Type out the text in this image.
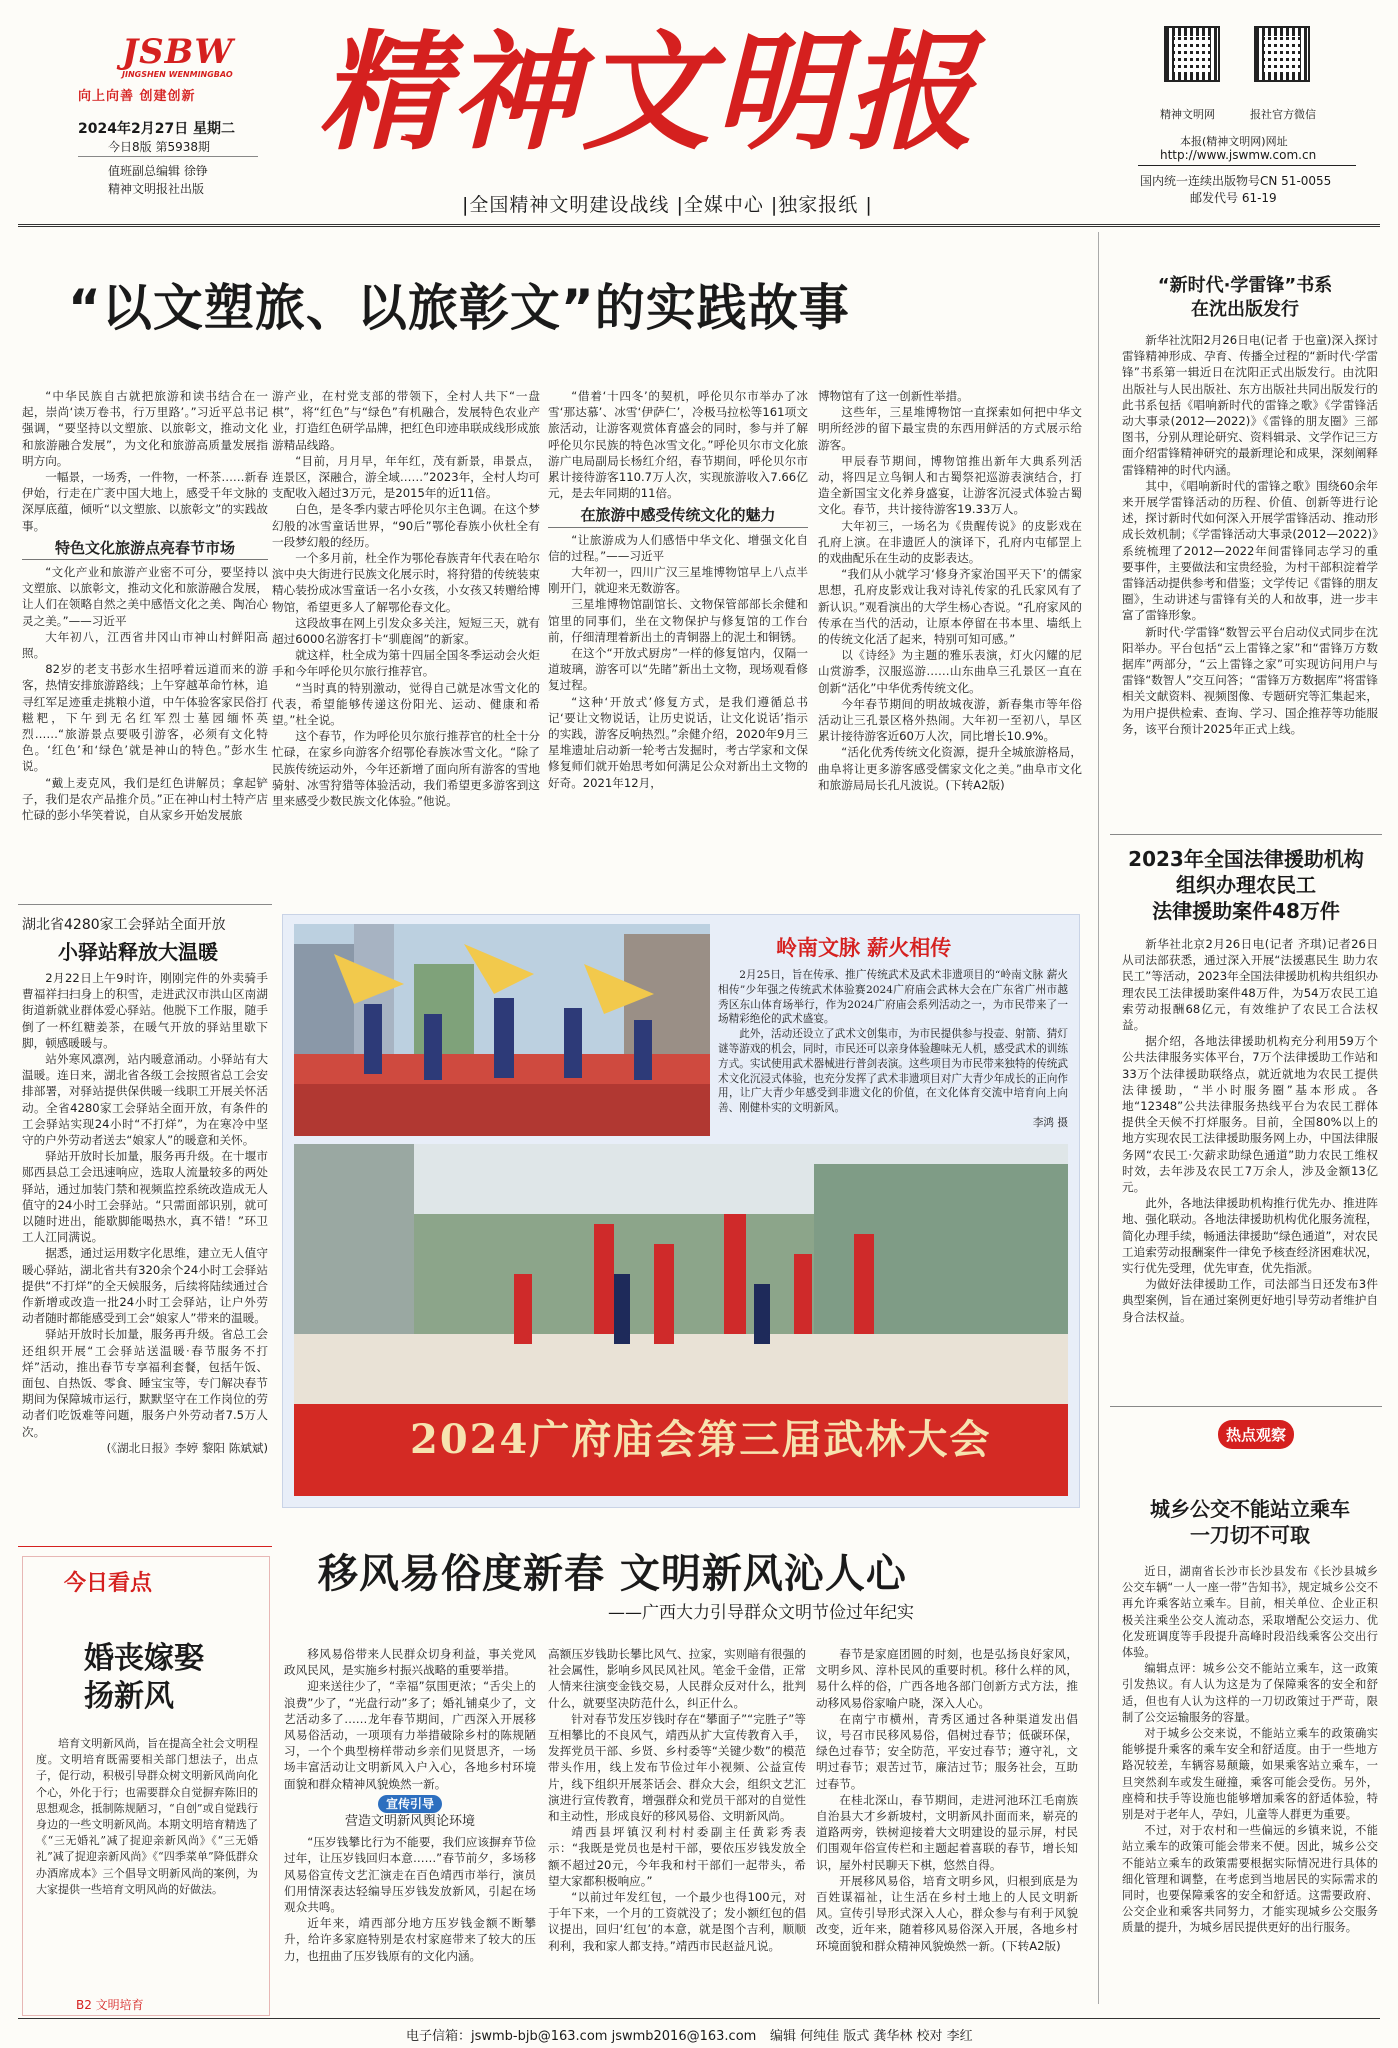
JSBW
JINGSHEN WENMINGBAO
向上向善 创建创新
2024年2月27日 星期二
今日8版 第5938期
值班副总编辑 徐铮
精神文明报社出版
精神文明报
|全国精神文明建设战线 |全媒中心 |独家报纸 |
精神文明网	报社官方微信
本报(精神文明网)网址
http://www.jswmw.com.cn
国内统一连续出版物号CN 51-0055
邮发代号 61-19
“以文塑旅、以旅彰文”的实践故事

“中华民族自古就把旅游和读书结合在一起，崇尚‘读万卷书，行万里路’。”习近平总书记强调，“要坚持以文塑旅、以旅彰文，推动文化和旅游融合发展”，为文化和旅游高质量发展指明方向。

一幅景，一场秀，一件物，一杯茶……新春伊始，行走在广袤中国大地上，感受千年文脉的深厚底蕴，倾听“以文塑旅、以旅彰文”的实践故事。

特色文化旅游点亮春节市场

“文化产业和旅游产业密不可分，要坚持以文塑旅、以旅彰文，推动文化和旅游融合发展，让人们在领略自然之美中感悟文化之美、陶冶心灵之美。”——习近平

大年初八，江西省井冈山市神山村鲜阳高照。

82岁的老支书彭水生招呼着远道而来的游客，热情安排旅游路线；上午穿越革命竹林，追寻红军足迹重走挑粮小道，中午体验客家民俗打糍粑，下午到无名红军烈士墓园缅怀英烈……“旅游景点要吸引游客，必须有文化特色。‘红色’和‘绿色’就是神山的特色。”彭水生说。

“戴上麦克风，我们是红色讲解员；拿起铲子，我们是农产品推介员。”正在神山村土特产店忙碌的彭小华笑着说，自从家乡开始发展旅

游产业，在村党支部的带领下，全村人共下“一盘棋”，将“红色”与“绿色”有机融合，发展特色农业产业，打造红色研学品牌，把红色印迹串联成线形成旅游精品线路。

“目前，月月早，年年红，茂有新景，串景点，连景区，深融合，游全域……”2023年，全村人均可支配收入超过3万元，是2015年的近11倍。

白色，是冬季内蒙古呼伦贝尔主色调。在这个梦幻般的冰雪童话世界，“90后”鄂伦春族小伙杜全有一段梦幻般的经历。

一个多月前，杜全作为鄂伦春族青年代表在哈尔滨中央大街进行民族文化展示时，将狩猎的传统装束精心装扮成冰雪童话一名小女孩，小女孩又转赠给博物馆，希望更多人了解鄂伦春文化。

这段故事在网上引发众多关注，短短三天，就有超过6000名游客打卡“驯鹿阁”的新家。

就这样，杜全成为第十四届全国冬季运动会火炬手和今年呼伦贝尔旅行推荐官。

“当时真的特别激动，觉得自己就是冰雪文化的代表，希望能够传递这份阳光、运动、健康和希望。”杜全说。

这个春节，作为呼伦贝尔旅行推荐官的杜全十分忙碌，在家乡向游客介绍鄂伦春族冰雪文化。“除了民族传统运动外，今年还新增了面向所有游客的雪地骑射、冰雪狩猎等体验活动，我们希望更多游客到这里来感受少数民族文化体验。”他说。

“借着‘十四冬’的契机，呼伦贝尔市举办了冰雪‘那达慕’、冰雪‘伊萨仁’，冷极马拉松等161项文旅活动，让游客观赏体育盛会的同时，参与并了解呼伦贝尔民族的特色冰雪文化。”呼伦贝尔市文化旅游广电局副局长杨红介绍，春节期间，呼伦贝尔市累计接待游客110.7万人次，实现旅游收入7.66亿元，是去年同期的11倍。

在旅游中感受传统文化的魅力

“让旅游成为人们感悟中华文化、增强文化自信的过程。”——习近平

大年初一，四川广汉三星堆博物馆早上八点半刚开门，就迎来无数游客。

三星堆博物馆副馆长、文物保管部部长余健和馆里的同事们，坐在文物保护与修复馆的工作台前，仔细清理着新出土的青铜器上的泥土和铜锈。

在这个“开放式厨房”一样的修复馆内，仅隔一道玻璃，游客可以“先睹”新出土文物，现场观看修复过程。

“这种‘开放式’修复方式，是我们遵循总书记‘要让文物说话，让历史说话，让文化说话’指示的实践，游客反响热烈。”余健介绍，2020年9月三星堆遗址启动新一轮考古发掘时，考古学家和文保修复师们就开始思考如何满足公众对新出土文物的好奇。2021年12月，

博物馆有了这一创新性举措。

这些年，三星堆博物馆一直探索如何把中华文明所经涉的留下最宝贵的东西用鲜活的方式展示给游客。

甲辰春节期间，博物馆推出新年大典系列活动，将四足立鸟铜人和古蜀祭祀巡游表演结合，打造全新国宝文化养身盛宴，让游客沉浸式体验古蜀文化。春节，共计接待游客19.33万人。

大年初三，一场名为《贵醒传说》的皮影戏在孔府上演。在非遗匠人的演译下，孔府内屯郁罡上的戏曲配乐在生动的皮影表达。

“我们从小就学习‘修身齐家治国平天下’的儒家思想，孔府皮影戏让我对诗礼传家的孔氏家风有了新认识。”观看演出的大学生杨心杏说。“孔府家风的传承在当代的活动，让原本停留在书本里、墙纸上的传统文化活了起来，特别可知可感。”

以《诗经》为主题的雅乐表演，灯火闪耀的尼山赏游季，汉服巡游……山东曲阜三孔景区一直在创新“活化”中华优秀传统文化。

今年春节期间的明故城夜游，新春集市等年俗活动让三孔景区格外热闹。大年初一至初八，旱区累计接待游客近60万人次，同比增长10.9%。

“活化优秀传统文化资源，提升全城旅游格局，曲阜将让更多游客感受儒家文化之美。”曲阜市文化和旅游局局长孔凡波说。(下转A2版)

“新时代·学雷锋”书系
在沈出版发行

新华社沈阳2月26日电(记者 于也童)深入探讨雷锋精神形成、孕育、传播全过程的“新时代·学雷锋”书系第一辑近日在沈阳正式出版发行。由沈阳出版社与人民出版社、东方出版社共同出版发行的此书系包括《唱响新时代的雷锋之歌》《学雷锋活动大事录(2012—2022)》《雷锋的朋友圈》三部图书，分别从理论研究、资料辑录、文学作记三方面介绍雷锋精神研究的最新理论和成果，深刻阐释雷锋精神的时代内涵。

其中，《唱响新时代的雷锋之歌》围绕60余年来开展学雷锋活动的历程、价值、创新等进行论述，探讨新时代如何深入开展学雷锋活动、推动形成长效机制；《学雷锋活动大事录(2012—2022)》系统梳理了2012—2022年间雷锋同志学习的重要事件，主要做法和宝贵经验，为村干部积淀着学雷锋活动提供参考和借鉴；文学传记《雷锋的朋友圈》，生动讲述与雷锋有关的人和故事，进一步丰富了雷锋形象。

新时代·学雷锋“数智云平台启动仪式同步在沈阳举办。平台包括“云上雷锋之家”和“雷锋万方数据库”两部分，“云上雷锋之家”可实现访问用户与雷锋“数智人”交互问答；“雷锋万方数据库”将雷锋相关文献资料、视频图像、专题研究等汇集起来，为用户提供检索、查询、学习、国企推荐等功能服务，该平台预计2025年正式上线。

2023年全国法律援助机构
组织办理农民工
法律援助案件48万件

新华社北京2月26日电(记者 齐琪)记者26日从司法部获悉，通过深入开展“法援惠民生 助力农民工”等活动，2023年全国法律援助机构共组织办理农民工法律援助案件48万件，为54万农民工追索劳动报酬68亿元，有效维护了农民工合法权益。

据介绍，各地法律援助机构充分利用59万个公共法律服务实体平台，7万个法律援助工作站和33万个法律援助联络点，就近就地为农民工提供法律援助，“半小时服务圈”基本形成。各地“12348”公共法律服务热线平台为农民工群体提供全天候不打烊服务。目前，全国80%以上的地方实现农民工法律援助服务网上办，中国法律服务网“农民工·欠薪求助绿色通道”助力农民工维权时效，去年涉及农民工7万余人，涉及金额13亿元。

此外，各地法律援助机构推行优先办、推进阵地、强化联动。各地法律援助机构优化服务流程，简化办理手续，畅通法律援助“绿色通道”，对农民工追索劳动报酬案件一律免予核查经济困难状况，实行优先受理，优先审查，优先指派。

为做好法律援助工作，司法部当日还发布3件典型案例，旨在通过案例更好地引导劳动者维护自身合法权益。

热点观察
城乡公交不能站立乘车
一刀切不可取

近日，湖南省长沙市长沙县发布《长沙县城乡公交车辆“一人一座一带”告知书》，规定城乡公交不再允许乘客站立乘车。目前，相关单位、企业正积极关注乘坐公交人流动态，采取增配公交运力、优化发班调度等手段提升高峰时段沿线乘客公交出行体验。

编辑点评：城乡公交不能站立乘车，这一政策引发热议。有人认为这是为了保障乘客的安全和舒适，但也有人认为这样的一刀切政策过于严苛，限制了公交运输服务的容量。

对于城乡公交来说，不能站立乘车的政策确实能够提升乘客的乘车安全和舒适度。由于一些地方路况较差，车辆容易颠簸，如果乘客站立乘车，一旦突然刹车或发生碰撞，乘客可能会受伤。另外，座椅和扶手等设施也能够增加乘客的舒适体验，特别是对于老年人，孕妇，儿童等人群更为重要。

不过，对于农村和一些偏远的乡镇来说，不能站立乘车的政策可能会带来不便。因此，城乡公交不能站立乘车的政策需要根据实际情况进行具体的细化管理和调整，在考虑到当地居民的实际需求的同时，也要保障乘客的安全和舒适。这需要政府、公交企业和乘客共同努力，才能实现城乡公交服务质量的提升，为城乡居民提供更好的出行服务。

湖北省4280家工会驿站全面开放
小驿站释放大温暖

2月22日上午9时许，刚刚完件的外卖骑手曹福祥扫扫身上的积雪，走进武汉市洪山区南湖街道新就业群体爱心驿站。他脱下工作服，随手倒了一杯红糖姜茶，在暖气开放的驿站里歇下脚，顿感暖暖与。

站外寒风凛冽，站内暖意涌动。小驿站有大温暖。连日来，湖北省各级工会按照省总工会安排部署，对驿站提供保供暖一线职工开展关怀活动。全省4280家工会驿站全面开放，有条件的工会驿站实现24小时“不打烊”，为在寒冷中坚守的户外劳动者送去“娘家人”的暖意和关怀。

驿站开放时长加量，服务再升级。在十堰市郧西县总工会迅速响应，选取人流量较多的两处驿站，通过加装门禁和视频监控系统改造成无人值守的24小时工会驿站。“只需面部识别，就可以随时进出，能歇脚能喝热水，真不错！”环卫工人江同满说。

据悉，通过运用数字化思维，建立无人值守暖心驿站，湖北省共有320余个24小时工会驿站提供“不打烊”的全天候服务，后续将陆续通过合作新增或改造一批24小时工会驿站，让户外劳动者随时都能感受到工会“娘家人”带来的温暖。

驿站开放时长加量，服务再升级。省总工会还组织开展“工会驿站送温暖·春节服务不打烊”活动，推出春节专享福利套餐，包括午饭、面包、自热饭、零食、睡宝宝等，专门解决春节期间为保障城市运行，默默坚守在工作岗位的劳动者们吃饭难等问题，服务户外劳动者7.5万人次。

(《湖北日报》李婷 黎阳 陈斌斌)
岭南文脉 薪火相传

2月25日，旨在传承、推广传统武术及武术非遗项目的“岭南文脉 薪火相传”少年强之传统武术体验赛2024广府庙会武林大会在广东省广州市越秀区东山体育场举行，作为2024广府庙会系列活动之一，为市民带来了一场精彩绝伦的武术盛宴。

此外，活动还设立了武术文创集市，为市民提供参与投壶、射箭、猜灯谜等游戏的机会，同时，市民还可以亲身体验趣味无人机，感受武术的训练方式。实试使用武术器械进行普剑表演。这些项目为市民带来独特的传统武术文化沉浸式体验，也充分发挥了武术非遗项目对广大青少年成长的正向作用，让广大青少年感受到非遗文化的价值，在文化体育交流中培育向上向善、刚健朴实的文明新风。

李鸿 摄
2024广府庙会第三届武林大会
今日看点
婚丧嫁娶
扬新风
培育文明新风尚，旨在提高全社会文明程度。文明培育既需要相关部门想法子，出点子，促行动，积极引导群众树文明新风尚向化个心，外化于行；也需要群众自觉摒弃陈旧的思想观念，抵制陈规陋习，“自创”或自觉践行身边的一些文明新风尚。本期文明培育精选了《“三无婚礼”减了捉迎亲新风尚》《“三无婚礼”减了捉迎亲新风尚》《“四季菜单”降低群众办酒席成本》三个倡导文明新风尚的案例，为大家提供一些培育文明风尚的好做法。
B2 文明培育
移风易俗度新春 文明新风沁人心
——广西大力引导群众文明节俭过年纪实

移风易俗带来人民群众切身利益，事关党风政风民风，是实施乡村振兴战略的重要举措。

迎来送往少了，“幸福”氛围更浓；“舌尖上的浪费”少了，“光盘行动”多了；婚礼铺桌少了，文艺活动多了……龙年春节期间，广西深入开展移风易俗活动，一项项有力举措破除乡村的陈规陋习，一个个典型榜样带动乡亲们见贤思齐，一场场丰富活动让文明新风入户入心，各地乡村环境面貌和群众精神风貌焕然一新。

宣传引导
营造文明新风舆论环境

“压岁钱攀比行为不能要，我们应该摒弃节俭过年，让压岁钱回归本意……”春节前夕，多场移风易俗宣传文艺汇演走在百色靖西市举行，演员们用情深表达轻编导压岁钱发放新风，引起在场观众共鸣。

近年来，靖西部分地方压岁钱金额不断攀升，给许多家庭特别是农村家庭带来了较大的压力，也扭曲了压岁钱原有的文化内涵。

高额压岁钱助长攀比风气、拉家，实则暗有很强的社会属性，影响乡风民风社风。笔金千金借，正常人情来往演变金钱交易，人民群众反对什么，批判什么，就要坚决防范什么，纠正什么。

针对春节发压岁钱时存在“攀面子”“完胜子”等互相攀比的不良风气，靖西从扩大宣传教育入手，发挥党员干部、乡贤、乡村委等“关键少数”的模范带头作用，线上发布节俭过年小视频、公益宣传片，线下组织开展茶话会、群众大会，组织文艺汇演进行宣传教育，增强群众和党员干部对的自觉性和主动性，形成良好的移风易俗、文明新风尚。

靖西县坪镇汉利村村委副主任黄彩秀表示：“我既是党员也是村干部，要依压岁钱发放全额不超过20元，今年我和村干部们一起带头，希望大家都积极响应。”

“以前过年发红包，一个最少也得100元，对于年下来，一个月的工资就没了；发小额红包的倡议提出，回归‘红包’的本意，就是图个吉利，顺顺利利，我和家人都支持。”靖西市民赵益凡说。

春节是家庭团圆的时刻，也是弘扬良好家风，文明乡风、淳朴民风的重要时机。移什么样的风，易什么样的俗，广西各地各部门创新方式方法，推动移风易俗家喻户晓，深入人心。

在南宁市横州，青秀区通过各种渠道发出倡议，号召市民移风易俗，倡树过春节；低碳环保，绿色过春节；安全防范，平安过春节；遵守礼，文明过春节；艰苦过节，廉洁过节；服务社会，互助过春节。

在桂北深山，春节期间，走进河池环江毛南族自治县大才乡新坡村，文明新风扑面而来，崭亮的道路两旁，铁树迎接着大文明建设的显示屏，村民们围观年俗宣传栏和主题起着喜联的春节，增长知识，屋外村民聊天下棋，悠然自得。

开展移风易俗，培育文明乡风，归根到底是为百姓谋福祉，让生活在乡村土地上的人民文明新风。宣传引导形式深入人心，群众参与有利于风貌改变，近年来，随着移风易俗深入开展，各地乡村环境面貌和群众精神风貌焕然一新。(下转A2版)

电子信箱：jswmb-bjb@163.com jswmb2016@163.com 编辑 何纯佳 版式 龚华林 校对 李红
